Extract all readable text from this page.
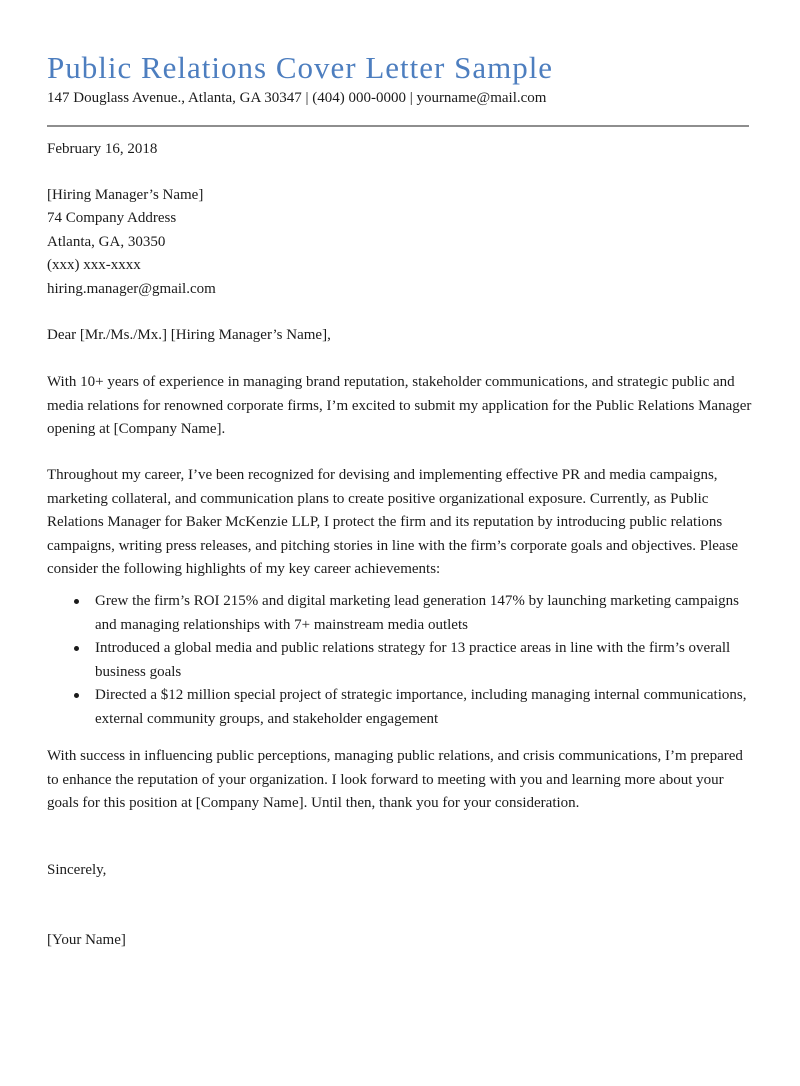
Public Relations Cover Letter Sample
147 Douglass Avenue., Atlanta, GA 30347 | (404) 000-0000 | yourname@mail.com
February 16, 2018
[Hiring Manager’s Name]
74 Company Address
Atlanta, GA, 30350
(xxx) xxx-xxxx
hiring.manager@gmail.com
Dear [Mr./Ms./Mx.] [Hiring Manager’s Name],

With 10+ years of experience in managing brand reputation, stakeholder communications, and strategic public and media relations for renowned corporate firms, I’m excited to submit my application for the Public Relations Manager opening at [Company Name].

Throughout my career, I’ve been recognized for devising and implementing effective PR and media campaigns, marketing collateral, and communication plans to create positive organizational exposure. Currently, as Public Relations Manager for Baker McKenzie LLP, I protect the firm and its reputation by introducing public relations campaigns, writing press releases, and pitching stories in line with the firm’s corporate goals and objectives. Please consider the following highlights of my key career achievements:

Grew the firm’s ROI 215% and digital marketing lead generation 147% by launching marketing campaigns and managing relationships with 7+ mainstream media outlets
Introduced a global media and public relations strategy for 13 practice areas in line with the firm’s overall business goals
Directed a $12 million special project of strategic importance, including managing internal communications, external community groups, and stakeholder engagement

With success in influencing public perceptions, managing public relations, and crisis communications, I’m prepared to enhance the reputation of your organization. I look forward to meeting with you and learning more about your goals for this position at [Company Name]. Until then, thank you for your consideration.

Sincerely,
[Your Name]
